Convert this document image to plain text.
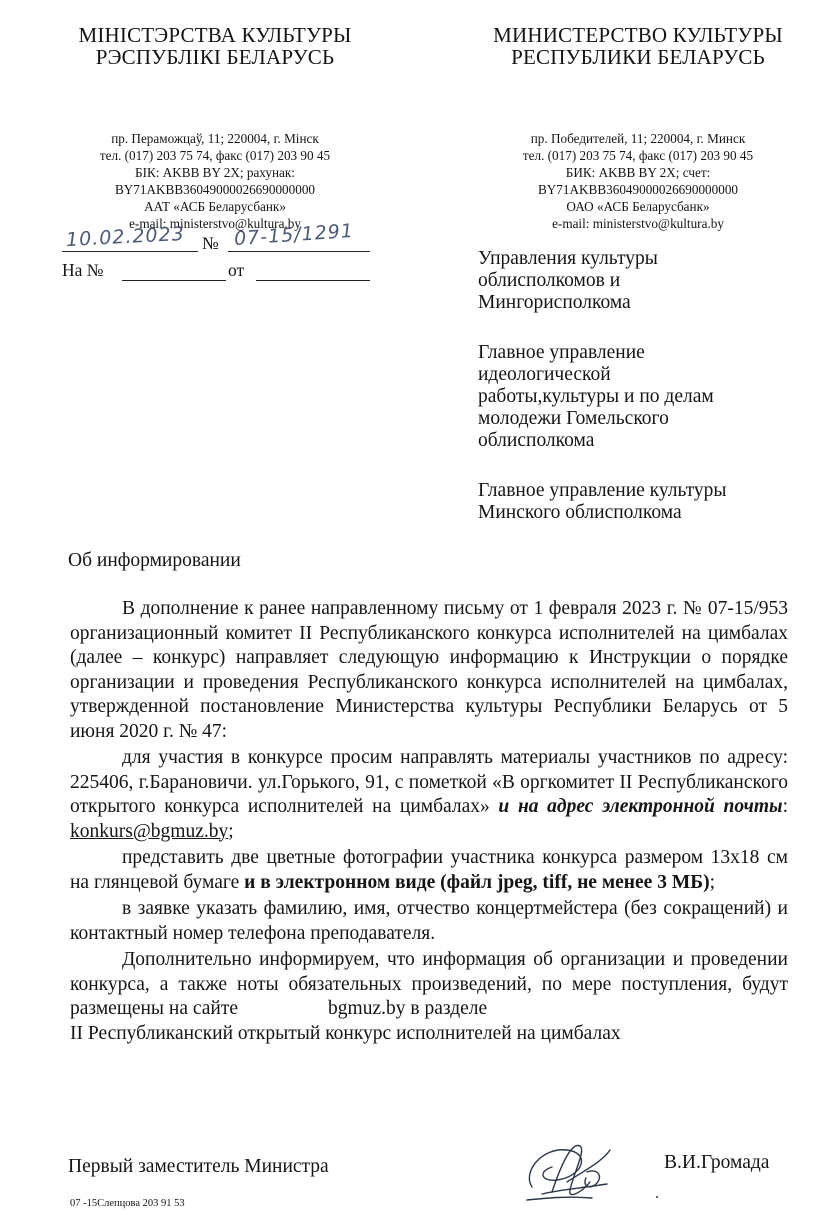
МІНІСТЭРСТВА КУЛЬТУРЫ
РЭСПУБЛІКІ БЕЛАРУСЬ
пр. Пераможцаў, 11; 220004, г. Мінск
тел. (017) 203 75 74, факс (017) 203 90 45
БІК: AKBB BY 2X; рахунак:
BY71AKBB36049000026690000000
ААТ «АСБ Беларусбанк»
e-mail: ministerstvo@kultura.by
МИНИСТЕРСТВО КУЛЬТУРЫ
РЕСПУБЛИКИ БЕЛАРУСЬ
пр. Победителей, 11; 220004, г. Минск
тел. (017) 203 75 74, факс (017) 203 90 45
БИК: AKBB BY 2X; счет:
BY71AKBB36049000026690000000
ОАО «АСБ Беларусбанк»
e-mail: ministerstvo@kultura.by
10.02.2023 № 07-15/1291
На №	от

Управления культуры
облисполкомов и
Мингорисполкома

Главное управление
идеологической
работы,культуры и по делам
молодежи Гомельского
облисполкома

Главное управление культуры
Минского облисполкома

Об информировании

В дополнение к ранее направленному письму от 1 февраля 2023 г. № 07-15/953 организационный комитет II Республиканского конкурса исполнителей на цимбалах (далее – конкурс) направляет следующую информацию к Инструкции о порядке организации и проведения Республиканского конкурса исполнителей на цимбалах, утвержденной постановление Министерства культуры Республики Беларусь от 5 июня 2020 г. № 47:

для участия в конкурсе просим направлять материалы участников по адресу: 225406, г.Барановичи. ул.Горького, 91, с пометкой «В оргкомитет II Республиканского открытого конкурса исполнителей на цимбалах» и на адрес электронной почты: konkurs@bgmuz.by;

представить две цветные фотографии участника конкурса размером 13х18 см на глянцевой бумаге и в электронном виде (файл jpeg, tiff, не менее 3 МБ);

в заявке указать фамилию, имя, отчество концертмейстера (без сокращений) и контактный номер телефона преподавателя.

Дополнительно информируем, что информация об организации и проведении конкурса, а также ноты обязательных произведений, по мере поступления, будут размещены на сайте	bgmuz.by в разделе

II Республиканский открытый конкурс исполнителей на цимбалах

Первый заместитель Министра	В.И.Громада
07 -15Слепцова 203 91 53
